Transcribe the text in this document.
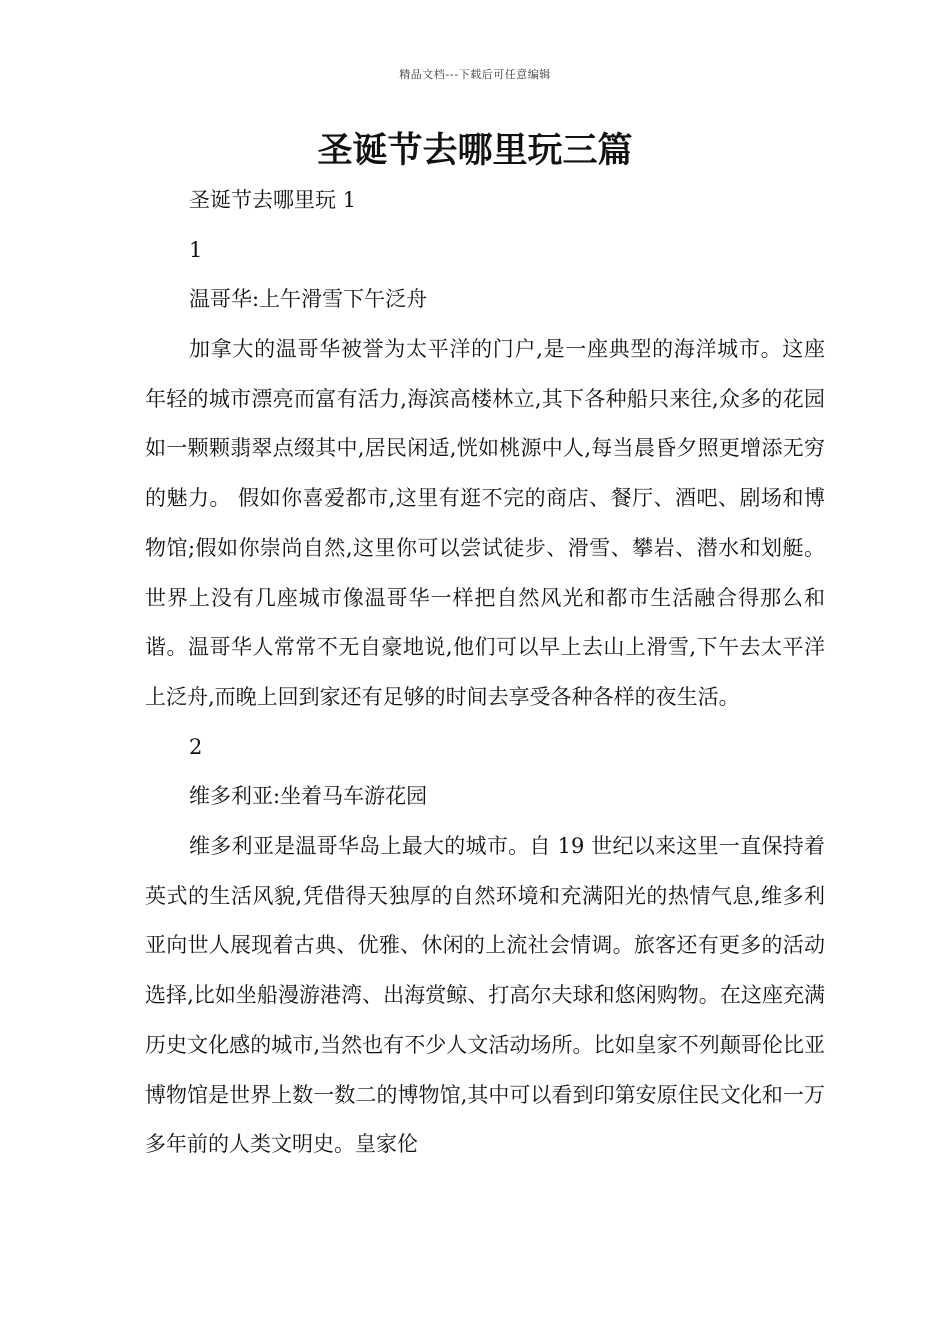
精品文档---下载后可任意编辑
圣诞节去哪里玩三篇

圣诞节去哪里玩 1

1

温哥华:上午滑雪下午泛舟

加拿大的温哥华被誉为太平洋的门户,是一座典型的海洋城市。这座年轻的城市漂亮而富有活力,海滨高楼林立,其下各种船只来往,众多的花园如一颗颗翡翠点缀其中,居民闲适,恍如桃源中人,每当晨昏夕照更增添无穷的魅力。 假如你喜爱都市,这里有逛不完的商店、餐厅、酒吧、剧场和博物馆;假如你崇尚自然,这里你可以尝试徒步、滑雪、攀岩、潜水和划艇。世界上没有几座城市像温哥华一样把自然风光和都市生活融合得那么和谐。温哥华人常常不无自豪地说,他们可以早上去山上滑雪,下午去太平洋上泛舟,而晚上回到家还有足够的时间去享受各种各样的夜生活。

2

维多利亚:坐着马车游花园

维多利亚是温哥华岛上最大的城市。自 19 世纪以来这里一直保持着英式的生活风貌,凭借得天独厚的自然环境和充满阳光的热情气息,维多利亚向世人展现着古典、优雅、休闲的上流社会情调。旅客还有更多的活动选择,比如坐船漫游港湾、出海赏鲸、打高尔夫球和悠闲购物。在这座充满历史文化感的城市,当然也有不少人文活动场所。比如皇家不列颠哥伦比亚博物馆是世界上数一数二的博物馆,其中可以看到印第安原住民文化和一万多年前的人类文明史。皇家伦
